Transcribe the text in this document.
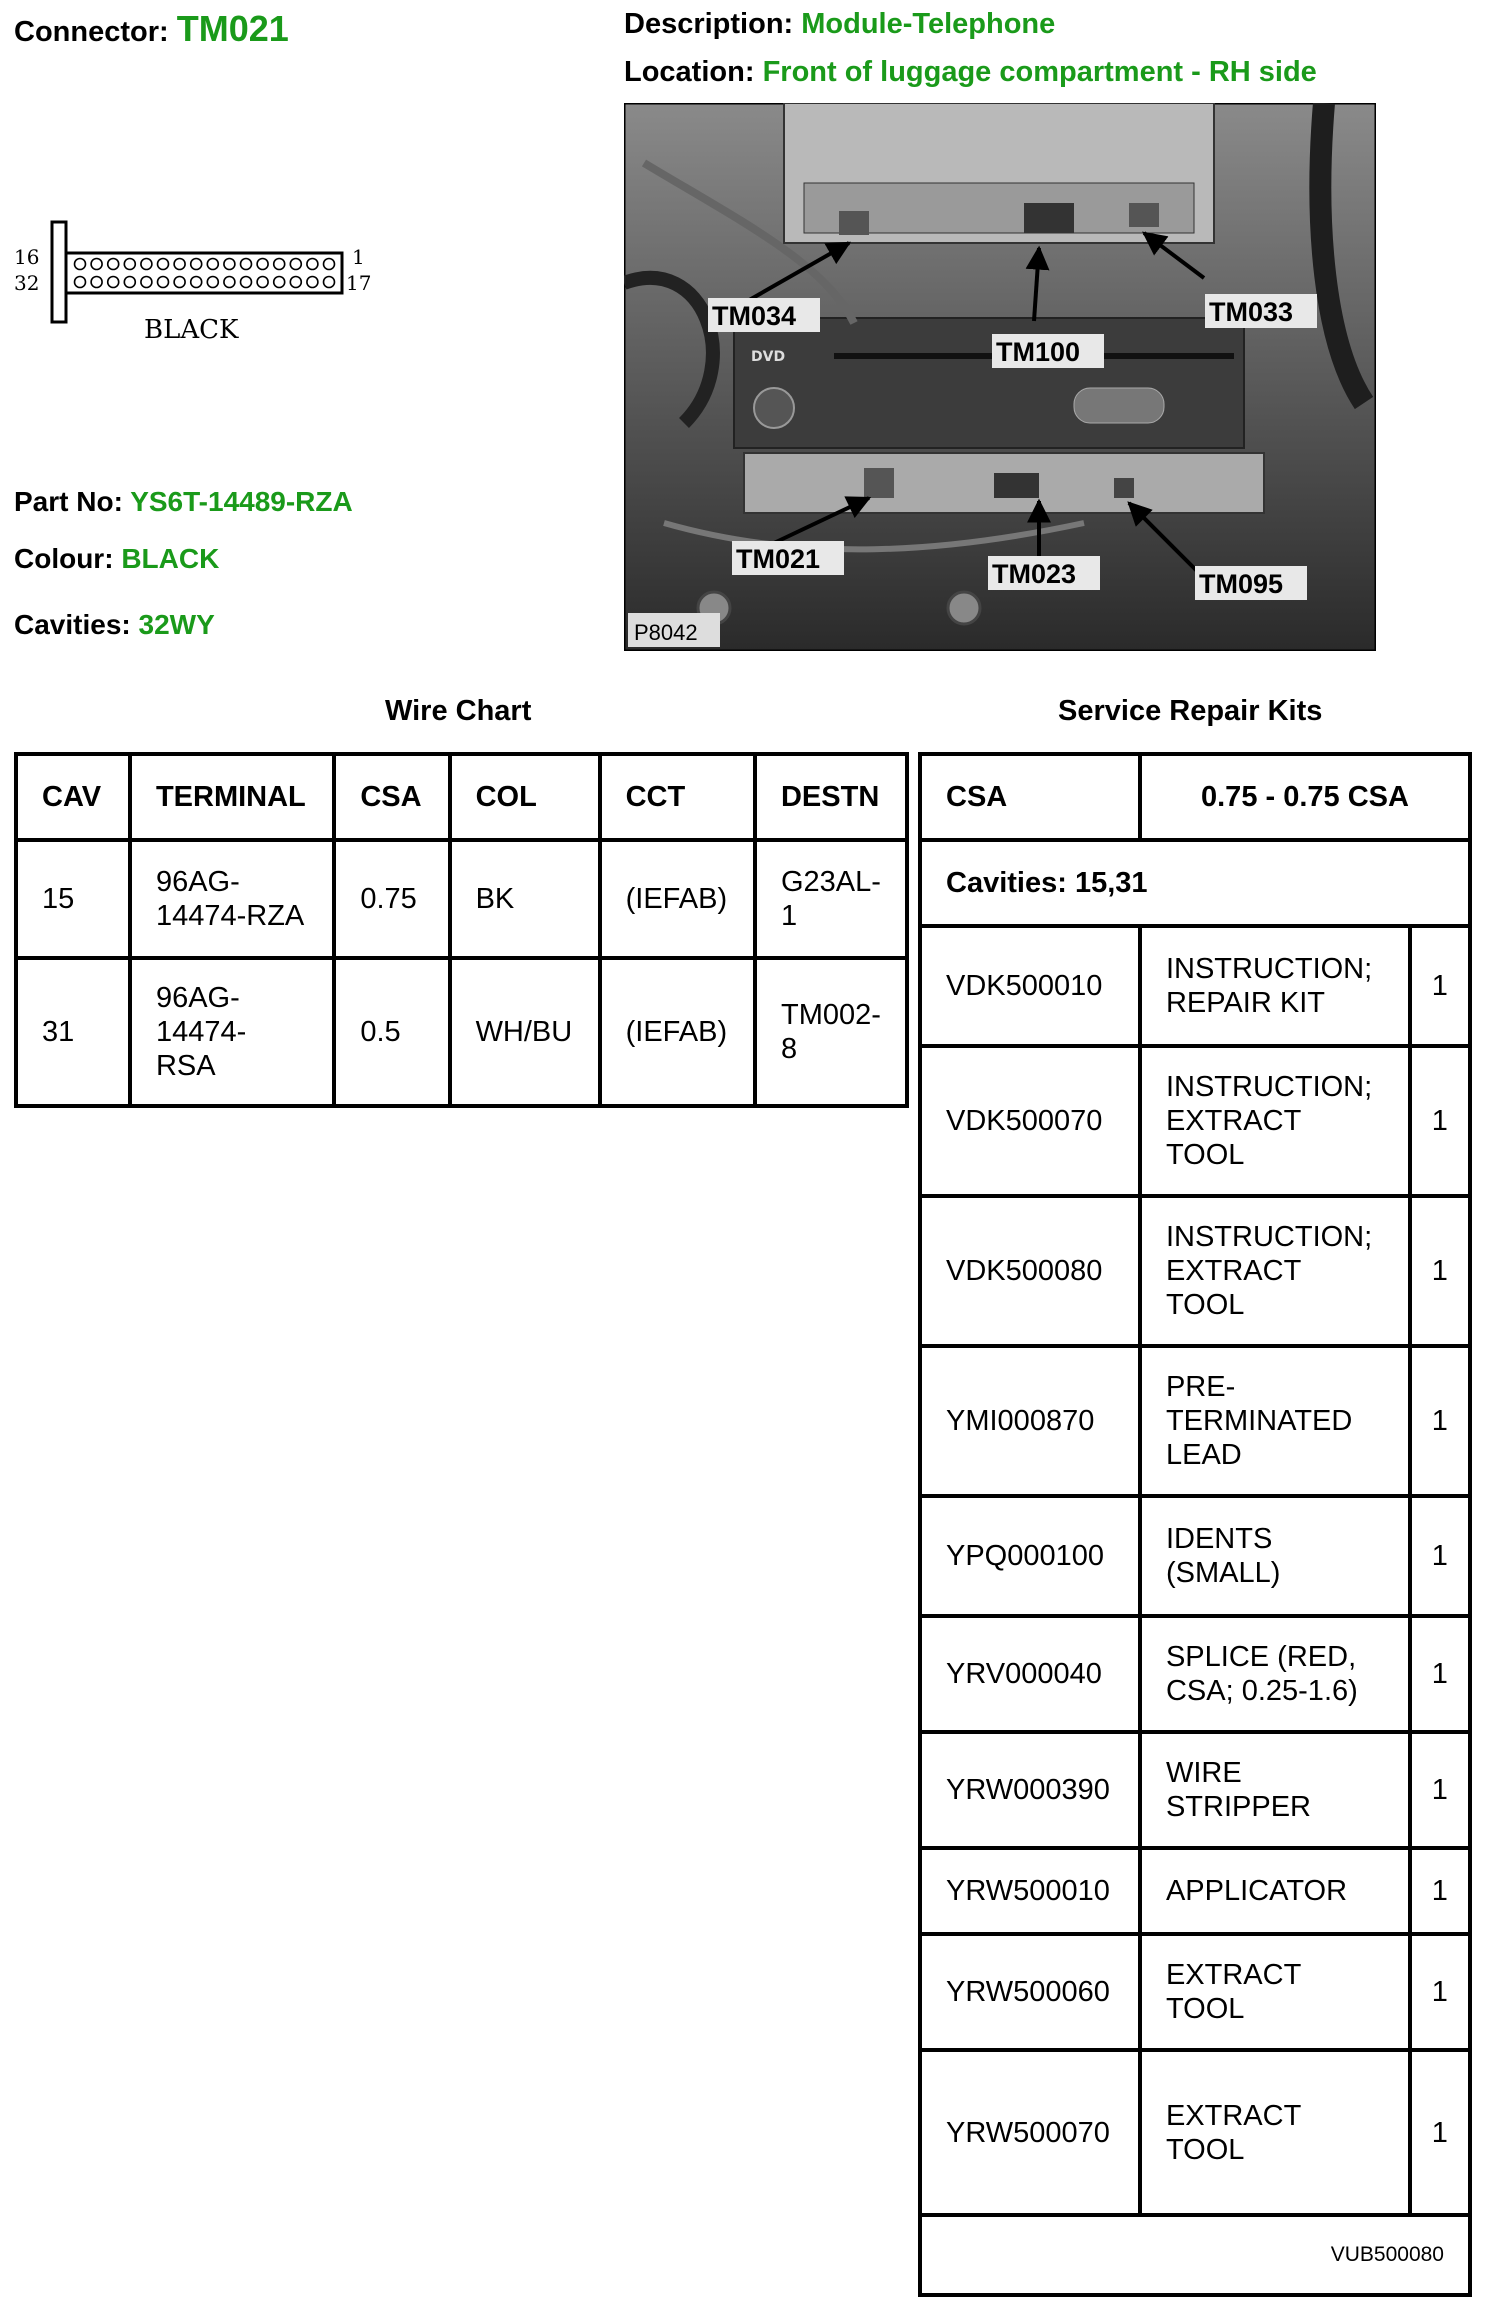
Connector: TM021	Description: Module-Telephone
Location: Front of luggage compartment - RH side
16
32
1
17
BLACK
Part No: YS6T-14489-RZA
Colour: BLACK
Cavities: 32WY
DVD
TM034
TM100
TM033
TM021	TM023	TM095
P8042
Wire Chart	Service Repair Kits
CAV	TERMINAL	CSA	COL	CCT	DESTN
15	96AG-
14474-RZA	0.75	BK	(IEFAB)	G23AL-
1
31	96AG-
14474-
RSA	0.5	WH/BU	(IEFAB)	TM002-
8
CSA	0.75 - 0.75 CSA	
Cavities: 15,31		
VDK500010	INSTRUCTION;
REPAIR KIT	1
VDK500070	INSTRUCTION;
EXTRACT
TOOL	1
VDK500080	INSTRUCTION;
EXTRACT
TOOL	1
YMI000870	PRE-
TERMINATED
LEAD	1
YPQ000100	IDENTS
(SMALL)	1
YRV000040	SPLICE (RED,
CSA; 0.25-1.6)	1
YRW000390	WIRE
STRIPPER	1
YRW500010	APPLICATOR	1
YRW500060	EXTRACT
TOOL	1
YRW500070	EXTRACT
TOOL	1
VUB500080		
